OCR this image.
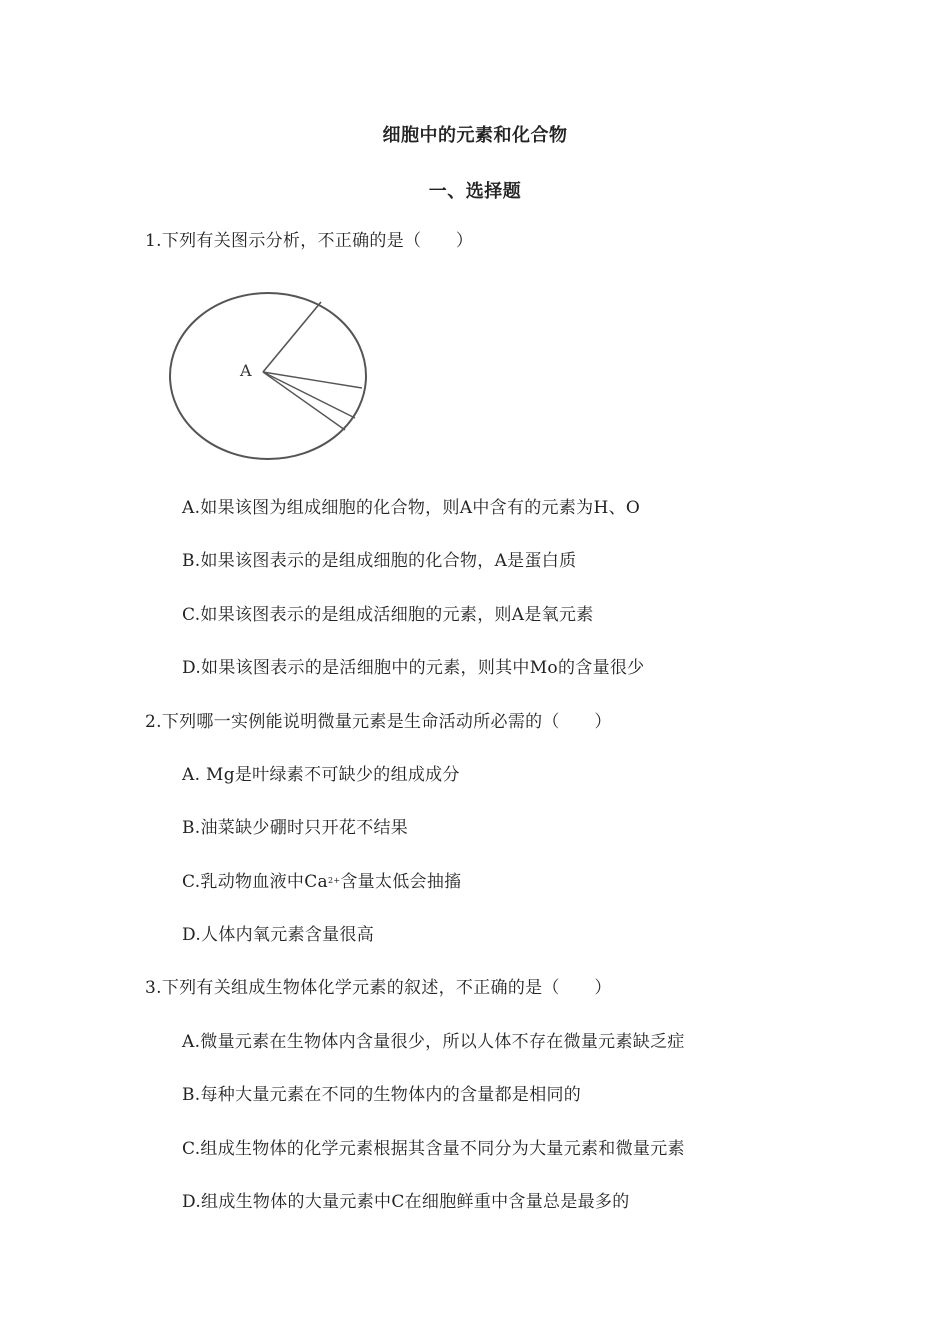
细胞中的元素和化合物
一、选择题
1.下列有关图示分析，不正确的是（　　）
A
A.如果该图为组成细胞的化合物，则A中含有的元素为H、O
B.如果该图表示的是组成细胞的化合物，A是蛋白质
C.如果该图表示的是组成活细胞的元素，则A是氧元素
D.如果该图表示的是活细胞中的元素，则其中Mo的含量很少
2.下列哪一实例能说明微量元素是生命活动所必需的（　　）
A. Mg是叶绿素不可缺少的组成成分
B.油菜缺少硼时只开花不结果
C.乳动物血液中$Ca^{2+}$含量太低会抽搐
D.人体内氧元素含量很高
3.下列有关组成生物体化学元素的叙述，不正确的是（　　）
A.微量元素在生物体内含量很少，所以人体不存在微量元素缺乏症
B.每种大量元素在不同的生物体内的含量都是相同的
C.组成生物体的化学元素根据其含量不同分为大量元素和微量元素
D.组成生物体的大量元素中C在细胞鲜重中含量总是最多的
